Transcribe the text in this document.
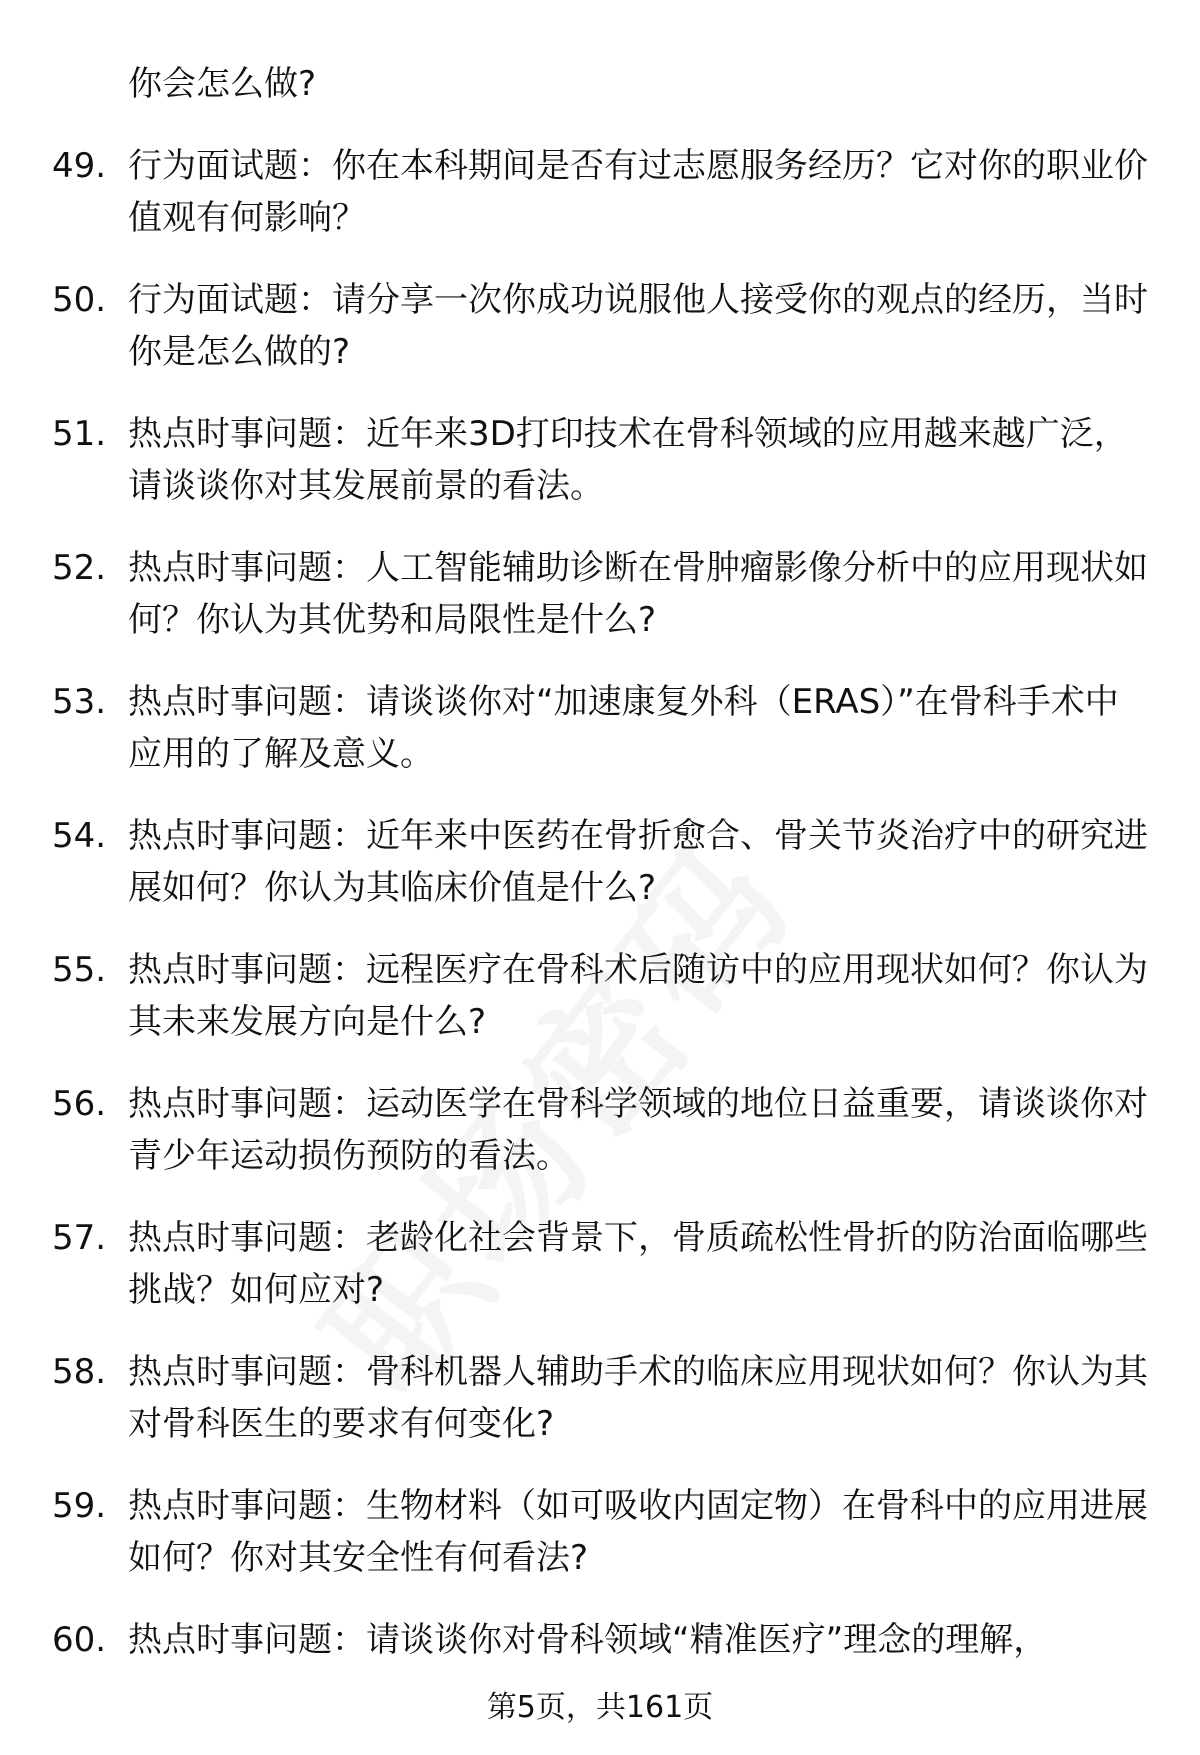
你会怎么做?

49. 行为面试题：你在本科期间是否有过志愿服务经历？它对你的职业价值观有何影响？
50. 行为面试题：请分享一次你成功说服他人接受你的观点的经历，当时你是怎么做的?
51. 热点时事问题：近年来3D打印技术在骨科领域的应用越来越广泛，请谈谈你对其发展前景的看法。
52. 热点时事问题：人工智能辅助诊断在骨肿瘤影像分析中的应用现状如何？你认为其优势和局限性是什么?
53. 热点时事问题：请谈谈你对“加速康复外科（ERAS）”在骨科手术中应用的了解及意义。
54. 热点时事问题：近年来中医药在骨折愈合、骨关节炎治疗中的研究进展如何？你认为其临床价值是什么?
55. 热点时事问题：远程医疗在骨科术后随访中的应用现状如何？你认为其未来发展方向是什么?
56. 热点时事问题：运动医学在骨科学领域的地位日益重要，请谈谈你对青少年运动损伤预防的看法。
57. 热点时事问题：老龄化社会背景下，骨质疏松性骨折的防治面临哪些挑战？如何应对?
58. 热点时事问题：骨科机器人辅助手术的临床应用现状如何？你认为其对骨科医生的要求有何变化?
59. 热点时事问题：生物材料（如可吸收内固定物）在骨科中的应用进展如何？你对其安全性有何看法?
60. 热点时事问题：请谈谈你对骨科领域“精准医疗”理念的理解，
第5页，共161页
